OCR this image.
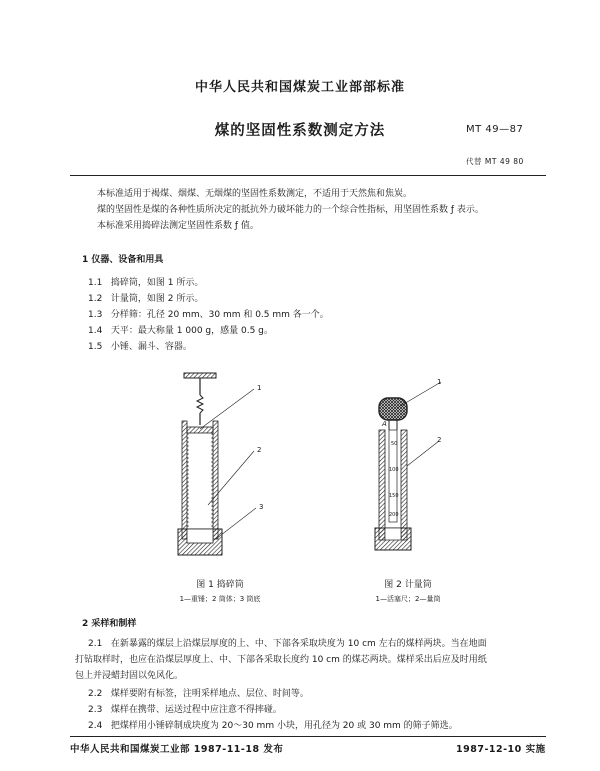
中华人民共和国煤炭工业部部标准
煤的坚固性系数测定方法	MT 49—87
代替 MT 49 80
本标准适用于褐煤、烟煤、无烟煤的坚固性系数测定，不适用于天然焦和焦炭。
煤的坚固性是煤的各种性质所决定的抵抗外力破坏能力的一个综合性指标，用坚固性系数 ƒ 表示。
本标准采用捣碎法测定坚固性系数 ƒ 值。
1 仪器、设备和用具
1.1 捣碎筒，如图 1 所示。
1.2 计量筒，如图 2 所示。
1.3 分样筛：孔径 20 mm、30 mm 和 0.5 mm 各一个。
1.4 天平：最大称量 1 000 g，感量 0.5 g。
1.5 小锤、漏斗、容器。
1
2
3
1
2
A
50
100
150
200
图 1 捣碎筒
1—重锤；2 筒体；3 筒底
图 2 计量筒
1—活塞尺；2—量筒
2 采样和制样
2.1 在新暴露的煤层上沿煤层厚度的上、中、下部各采取块度为 10 cm 左右的煤样两块。当在地面
打钻取样时，也应在沿煤层厚度上、中、下部各采取长度约 10 cm 的煤芯两块。煤样采出后应及时用纸
包上并浸蜡封固以免风化。
2.2 煤样要附有标签，注明采样地点、层位、时间等。
2.3 煤样在携带、运送过程中应注意不得摔碰。
2.4 把煤样用小锤碎制成块度为 20～30 mm 小块，用孔径为 20 或 30 mm 的筛子筛选。
中华人民共和国煤炭工业部 1987-11-18 发布	1987-12-10 实施
